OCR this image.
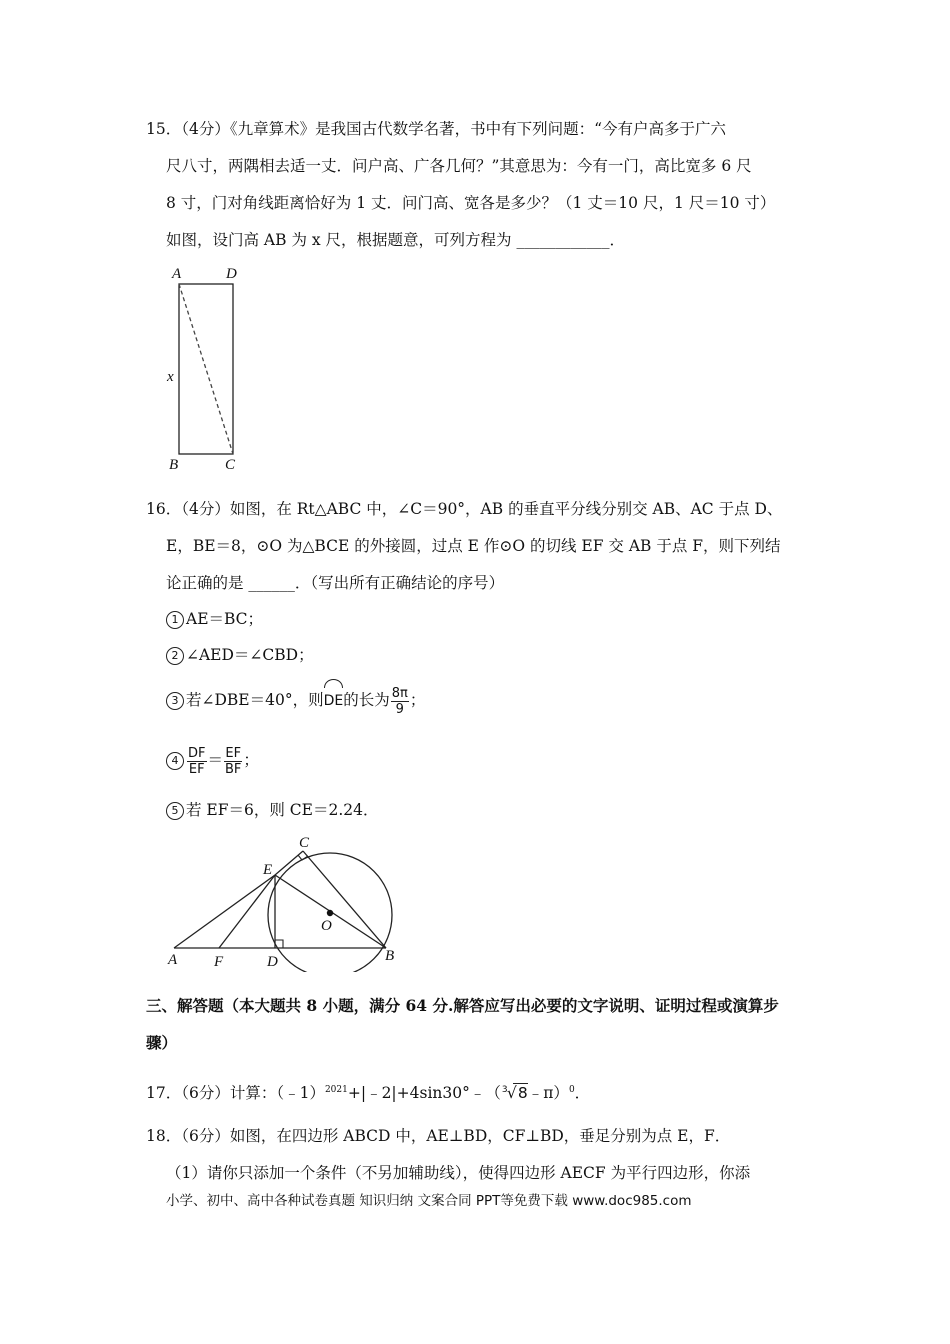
15．（4分）《九章算术》是我国古代数学名著，书中有下列问题：“今有户高多于广六
尺八寸，两隅相去适一丈．问户高、广各几何？”其意思为：今有一门，高比宽多 6 尺
8 寸，门对角线距离恰好为 1 丈．问门高、宽各是多少？（1 丈＝10 尺，1 尺＝10 寸）
如图，设门高 AB 为 x 尺，根据题意，可列方程为 ____________．
A	D
B	C
x
16．（4分）如图，在 Rt△ABC 中，∠C＝90°，AB 的垂直平分线分别交 AB、AC 于点 D、
E，BE＝8，⊙O 为△BCE 的外接圆，过点 E 作⊙O 的切线 EF 交 AB 于点 F，则下列结
论正确的是 ______．（写出所有正确结论的序号）
1 AE＝BC；
2 ∠AED＝∠CBD；
3 若∠DBE＝40°，则DE的长为 $\frac{8\pi}{9}$ ；
$4 \frac{DF}{EF} = \frac{EF}{BF}$ ；
5 若 EF＝6，则 CE＝2.24．
C
E
O
A F	D	B
三、解答题（本大题共 8 小题，满分 64 分.解答应写出必要的文字说明、证明过程或演算步
骤）
17．（6分）计算：（﹣1）$^{2021}$+|﹣2|+4sin30°﹣（ 3 √ 8﹣π）$^0$．
18．（6分）如图，在四边形 ABCD 中，AE⊥BD，CF⊥BD，垂足分别为点 E，F．
（1）请你只添加一个条件（不另加辅助线），使得四边形 AECF 为平行四边形，你添
小学、初中、高中各种试卷真题 知识归纳 文案合同 PPT等免费下载 www.doc985.com
